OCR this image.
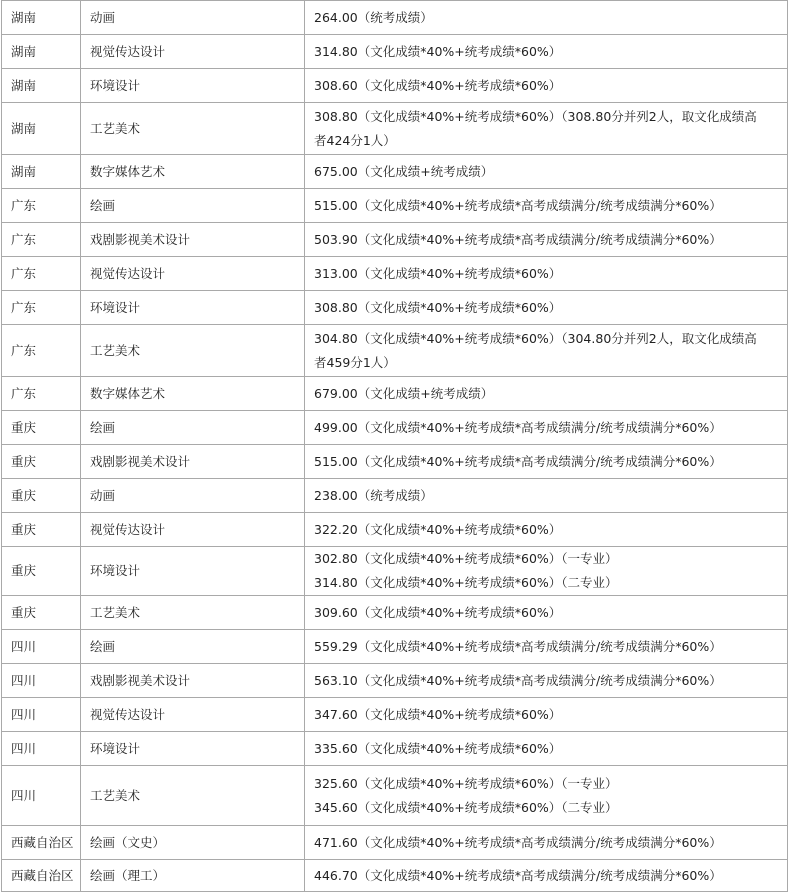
湖南	动画	264.00（统考成绩）

湖南	视觉传达设计	314.80（文化成绩*40%+统考成绩*60%）

湖南	环境设计	308.60（文化成绩*40%+统考成绩*60%）

湖南	工艺美术	308.80（文化成绩*40%+统考成绩*60%）（308.80分并列2人，取文化成绩高
者424分1人）

湖南	数字媒体艺术	675.00（文化成绩+统考成绩）

广东	绘画	515.00（文化成绩*40%+统考成绩*高考成绩满分/统考成绩满分*60%）

广东	戏剧影视美术设计	503.90（文化成绩*40%+统考成绩*高考成绩满分/统考成绩满分*60%）

广东	视觉传达设计	313.00（文化成绩*40%+统考成绩*60%）

广东	环境设计	308.80（文化成绩*40%+统考成绩*60%）

广东	工艺美术	304.80（文化成绩*40%+统考成绩*60%）（304.80分并列2人，取文化成绩高
者459分1人）

广东	数字媒体艺术	679.00（文化成绩+统考成绩）

重庆	绘画	499.00（文化成绩*40%+统考成绩*高考成绩满分/统考成绩满分*60%）

重庆	戏剧影视美术设计	515.00（文化成绩*40%+统考成绩*高考成绩满分/统考成绩满分*60%）

重庆	动画	238.00（统考成绩）

重庆	视觉传达设计	322.20（文化成绩*40%+统考成绩*60%）

重庆	环境设计	302.80（文化成绩*40%+统考成绩*60%）（一专业）
314.80（文化成绩*40%+统考成绩*60%）（二专业）

重庆	工艺美术	309.60（文化成绩*40%+统考成绩*60%）

四川	绘画	559.29（文化成绩*40%+统考成绩*高考成绩满分/统考成绩满分*60%）

四川	戏剧影视美术设计	563.10（文化成绩*40%+统考成绩*高考成绩满分/统考成绩满分*60%）

四川	视觉传达设计	347.60（文化成绩*40%+统考成绩*60%）

四川	环境设计	335.60（文化成绩*40%+统考成绩*60%）

四川	工艺美术	325.60（文化成绩*40%+统考成绩*60%）（一专业）
345.60（文化成绩*40%+统考成绩*60%）（二专业）

西藏自治区	绘画（文史）	471.60（文化成绩*40%+统考成绩*高考成绩满分/统考成绩满分*60%）

西藏自治区	绘画（理工）	446.70（文化成绩*40%+统考成绩*高考成绩满分/统考成绩满分*60%）
